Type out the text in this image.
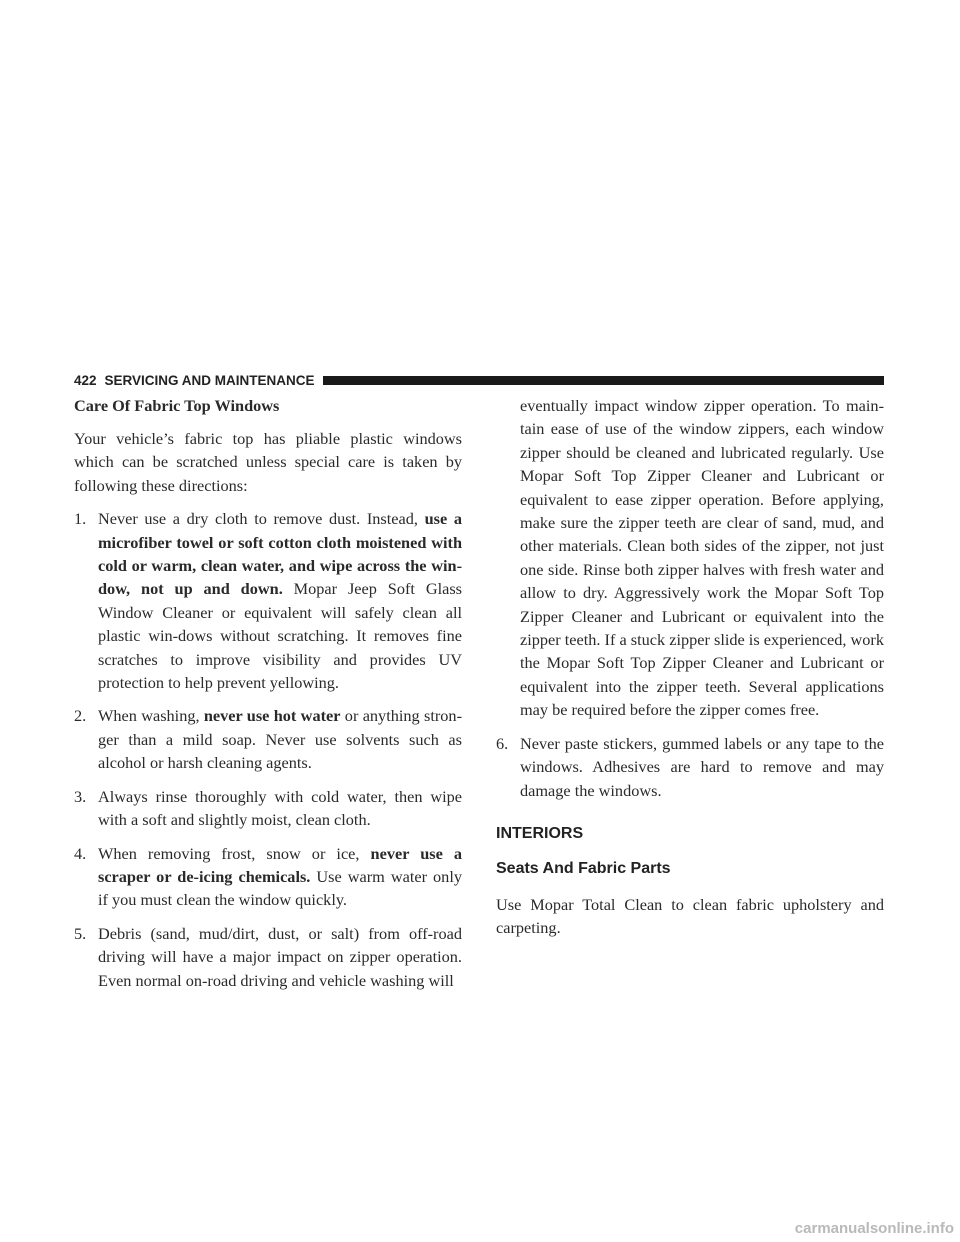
422 SERVICING AND MAINTENANCE
Care Of Fabric Top Windows

Your vehicle’s fabric top has pliable plastic windows which can be scratched unless special care is taken by following these directions:

1. Never use a dry cloth to remove dust. Instead, use a microfiber towel or soft cotton cloth moistened with cold or warm, clean water, and wipe across the win-dow, not up and down. Mopar Jeep Soft Glass Window Cleaner or equivalent will safely clean all plastic win-dows without scratching. It removes fine scratches to improve visibility and provides UV protection to help prevent yellowing.
2. When washing, never use hot water or anything stron-ger than a mild soap. Never use solvents such as alcohol or harsh cleaning agents.
3. Always rinse thoroughly with cold water, then wipe with a soft and slightly moist, clean cloth.
4. When removing frost, snow or ice, never use a scraper or de-icing chemicals. Use warm water only if you must clean the window quickly.
5. Debris (sand, mud/dirt, dust, or salt) from off-road driving will have a major impact on zipper operation. Even normal on-road driving and vehicle washing will

eventually impact window zipper operation. To main-tain ease of use of the window zippers, each window zipper should be cleaned and lubricated regularly. Use Mopar Soft Top Zipper Cleaner and Lubricant or equivalent to ease zipper operation. Before applying, make sure the zipper teeth are clear of sand, mud, and other materials. Clean both sides of the zipper, not just one side. Rinse both zipper halves with fresh water and allow to dry. Aggressively work the Mopar Soft Top Zipper Cleaner and Lubricant or equivalent into the zipper teeth. If a stuck zipper slide is experienced, work the Mopar Soft Top Zipper Cleaner and Lubricant or equivalent into the zipper teeth. Several applications may be required before the zipper comes free.

6. Never paste stickers, gummed labels or any tape to the windows. Adhesives are hard to remove and may damage the windows.
INTERIORS
Seats And Fabric Parts

Use Mopar Total Clean to clean fabric upholstery and carpeting.

carmanualsonline.info
